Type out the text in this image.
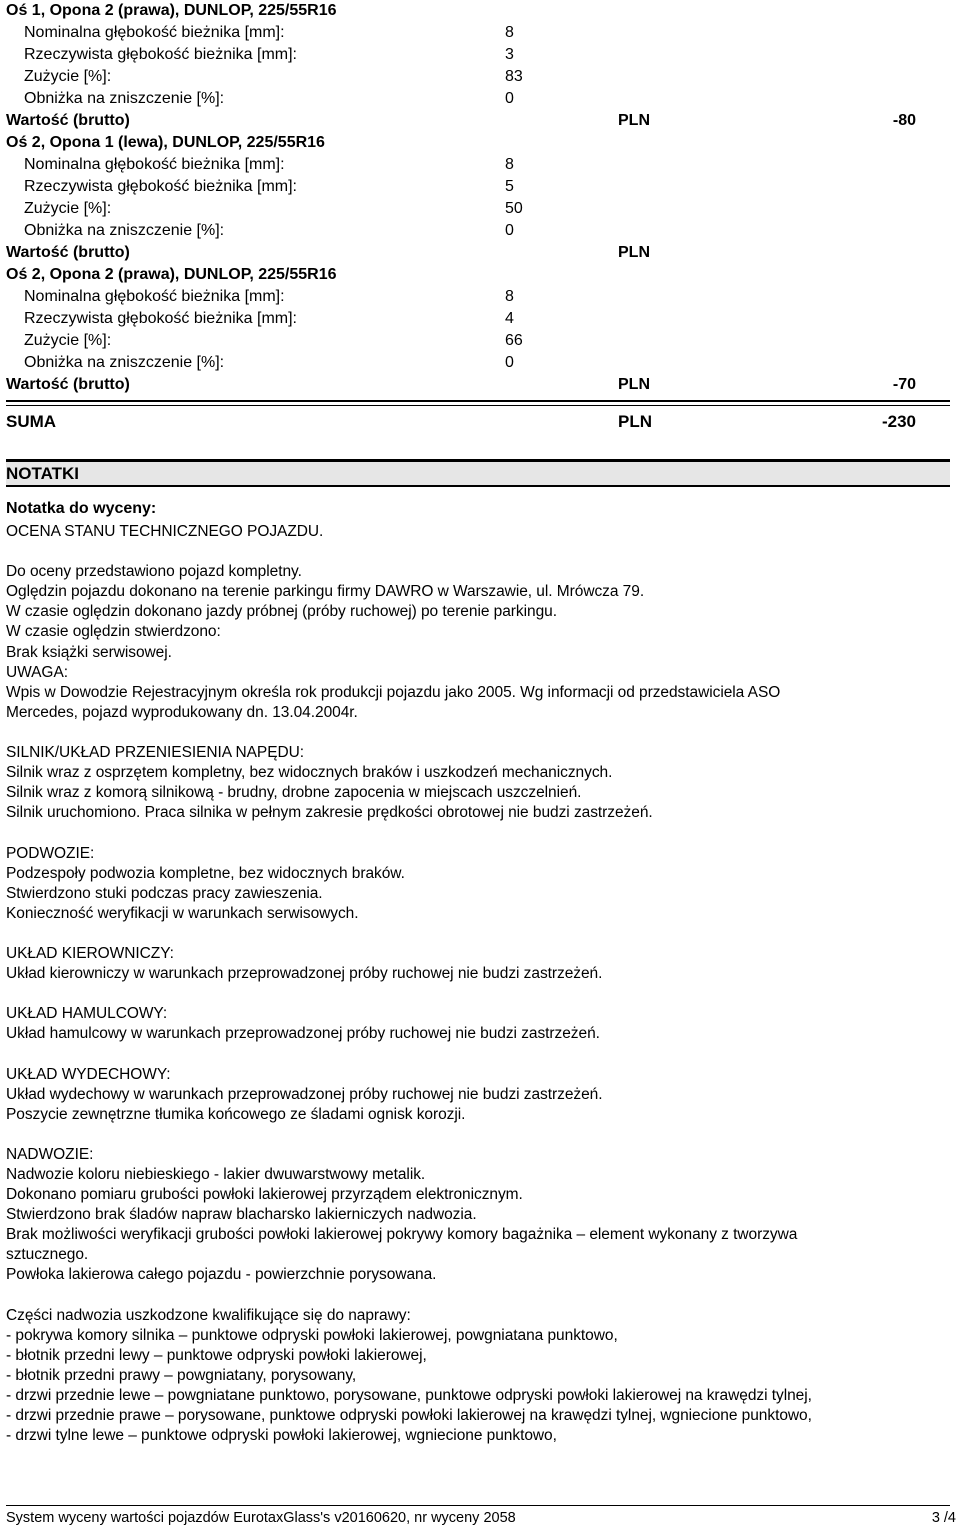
Oś 1, Opona 2 (prawa), DUNLOP, 225/55R16
Nominalna głębokość bieżnika [mm]:	8
Rzeczywista głębokość bieżnika [mm]:	3
Zużycie [%]:	83
Obniżka na zniszczenie [%]:	0
Wartość (brutto)	PLN	-80
Oś 2, Opona 1 (lewa), DUNLOP, 225/55R16
Nominalna głębokość bieżnika [mm]:	8
Rzeczywista głębokość bieżnika [mm]:	5
Zużycie [%]:	50
Obniżka na zniszczenie [%]:	0
Wartość (brutto)	PLN
Oś 2, Opona 2 (prawa), DUNLOP, 225/55R16
Nominalna głębokość bieżnika [mm]:	8
Rzeczywista głębokość bieżnika [mm]:	4
Zużycie [%]:	66
Obniżka na zniszczenie [%]:	0
Wartość (brutto)	PLN	-70
SUMA	PLN	-230
NOTATKI
Notatka do wyceny:

OCENA STANU TECHNICZNEGO POJAZDU.

Do oceny przedstawiono pojazd kompletny.

Oględzin pojazdu dokonano na terenie parkingu firmy DAWRO w Warszawie, ul. Mrówcza 79.

W czasie oględzin dokonano jazdy próbnej (próby ruchowej) po terenie parkingu.

W czasie oględzin stwierdzono:

Brak książki serwisowej.

UWAGA:

Wpis w Dowodzie Rejestracyjnym określa rok produkcji pojazdu jako 2005. Wg informacji od przedstawiciela ASO

Mercedes, pojazd wyprodukowany dn. 13.04.2004r.

SILNIK/UKŁAD PRZENIESIENIA NAPĘDU:

Silnik wraz z osprzętem kompletny, bez widocznych braków i uszkodzeń mechanicznych.

Silnik wraz z komorą silnikową - brudny, drobne zapocenia w miejscach uszczelnień.

Silnik uruchomiono. Praca silnika w pełnym zakresie prędkości obrotowej nie budzi zastrzeżeń.

PODWOZIE:

Podzespoły podwozia kompletne, bez widocznych braków.

Stwierdzono stuki podczas pracy zawieszenia.

Konieczność weryfikacji w warunkach serwisowych.

UKŁAD KIEROWNICZY:

Układ kierowniczy w warunkach przeprowadzonej próby ruchowej nie budzi zastrzeżeń.

UKŁAD HAMULCOWY:

Układ hamulcowy w warunkach przeprowadzonej próby ruchowej nie budzi zastrzeżeń.

UKŁAD WYDECHOWY:

Układ wydechowy w warunkach przeprowadzonej próby ruchowej nie budzi zastrzeżeń.

Poszycie zewnętrzne tłumika końcowego ze śladami ognisk korozji.

NADWOZIE:

Nadwozie koloru niebieskiego - lakier dwuwarstwowy metalik.

Dokonano pomiaru grubości powłoki lakierowej przyrządem elektronicznym.

Stwierdzono brak śladów napraw blacharsko lakierniczych nadwozia.

Brak możliwości weryfikacji grubości powłoki lakierowej pokrywy komory bagażnika – element wykonany z tworzywa

sztucznego.

Powłoka lakierowa całego pojazdu - powierzchnie porysowana.

Części nadwozia uszkodzone kwalifikujące się do naprawy:

- pokrywa komory silnika – punktowe odpryski powłoki lakierowej, powgniatana punktowo,

- błotnik przedni lewy – punktowe odpryski powłoki lakierowej,

- błotnik przedni prawy – powgniatany, porysowany,

- drzwi przednie lewe – powgniatane punktowo, porysowane, punktowe odpryski powłoki lakierowej na krawędzi tylnej,

- drzwi przednie prawe – porysowane, punktowe odpryski powłoki lakierowej na krawędzi tylnej, wgniecione punktowo,

- drzwi tylne lewe – punktowe odpryski powłoki lakierowej, wgniecione punktowo,

System wyceny wartości pojazdów EurotaxGlass's v20160620, nr wyceny 2058	3 /4
